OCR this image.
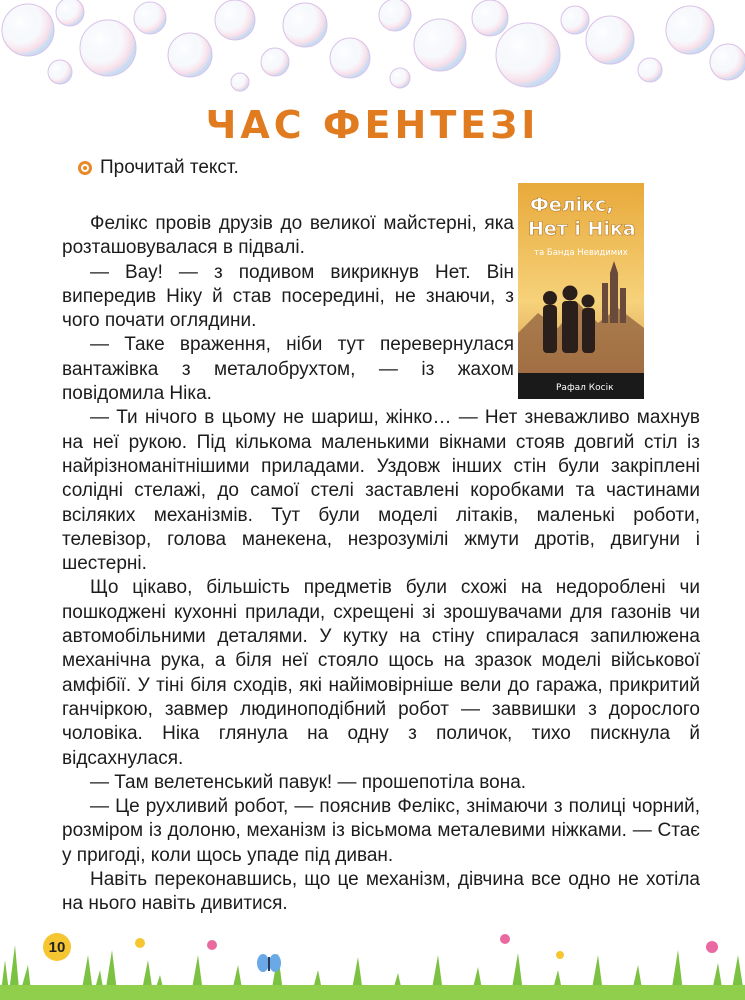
ЧАС ФЕНТЕЗІ
Прочитай текст.
Фелікс,
Нет і Ніка
та Банда Невидимих
Рафал Косік

Фелікс провів друзів до великої майстерні, яка розташовувалася в підвалі.

— Вау! — з подивом викрикнув Нет. Він випередив Ніку й став посередині, не знаючи, з чого почати оглядини.

— Таке враження, ніби тут перевернулася вантажівка з металобрухтом, — із жахом повідомила Ніка.

— Ти нічого в цьому не шариш, жінко… — Нет зневажливо махнув на неї рукою. Під кількома маленькими вікнами стояв довгий стіл із найрізноманітнішими приладами. Уздовж інших стін були закріплені солідні стелажі, до самої стелі заставлені коробками та частинами всіляких механізмів. Тут були моделі літаків, маленькі роботи, телевізор, голова манекена, незрозумілі жмути дротів, двигуни і шестерні.

Що цікаво, більшість предметів були схожі на недороблені чи пошкоджені кухонні прилади, схрещені зі зрошувачами для газонів чи автомобільними деталями. У кутку на стіну спиралася запилюжена механічна рука, а біля неї стояло щось на зразок моделі військової амфібії. У тіні біля сходів, які найімовірніше вели до гаража, прикритий ганчіркою, завмер людиноподібний робот — заввишки з дорослого чоловіка. Ніка глянула на одну з поличок, тихо пискнула й відсахнулася.

— Там велетенський павук! — прошепотіла вона.

— Це рухливий робот, — пояснив Фелікс, знімаючи з полиці чорний, розміром із долоню, механізм із вісьмома металевими ніжками. — Стає у пригоді, коли щось упаде під диван.

Навіть переконавшись, що це механізм, дівчина все одно не хотіла на нього навіть дивитися.

10
